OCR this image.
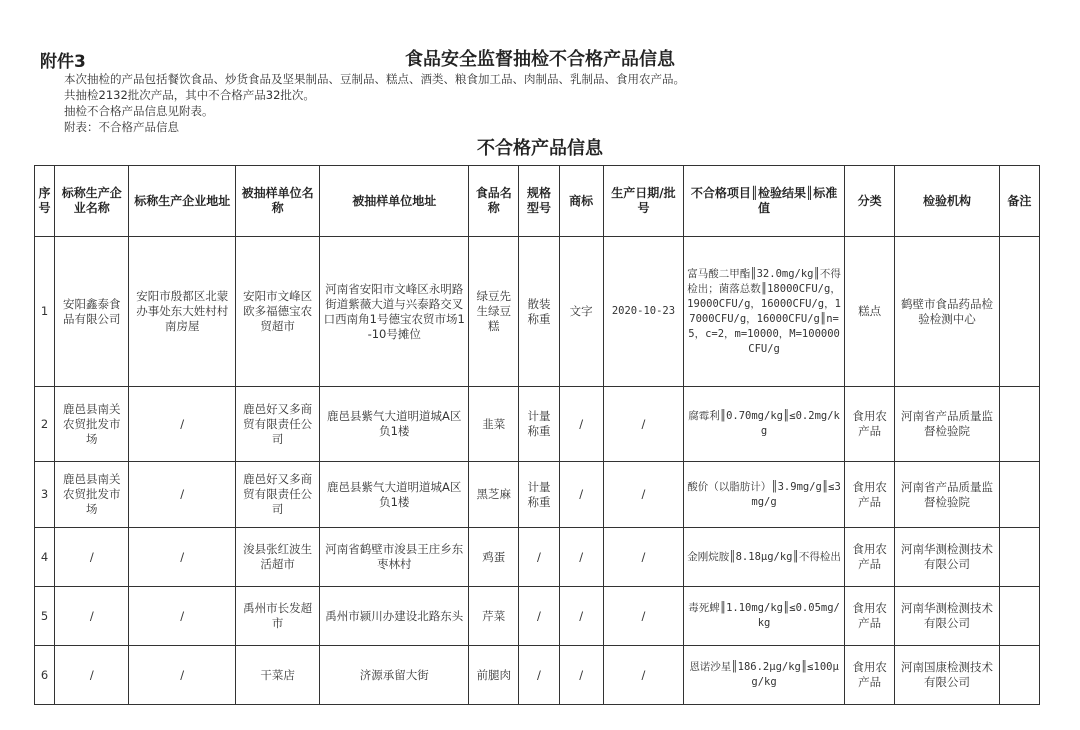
附件3	食品安全监督抽检不合格产品信息
本次抽检的产品包括餐饮食品、炒货食品及坚果制品、豆制品、糕点、酒类、粮食加工品、肉制品、乳制品、食用农产品。
共抽检2132批次产品，其中不合格产品32批次。
抽检不合格产品信息见附表。
附表：不合格产品信息
不合格产品信息
序号	标称生产企业名称	标称生产企业地址	被抽样单位名称	被抽样单位地址	食品名称	规格型号	商标	生产日期/批号	不合格项目║检验结果║标准值	分类	检验机构	备注
1	安阳鑫泰食品有限公司	安阳市殷都区北蒙办事处东大姓村村南房屋	安阳市文峰区欧多福德宝农贸超市	河南省安阳市文峰区永明路街道紫薇大道与兴泰路交叉口西南角1号德宝农贸市场1-10号摊位	绿豆先生绿豆糕	散装称重	文字	2020-10-23	富马酸二甲酯║32.0mg/kg║不得检出；菌落总数║18000CFU/g，19000CFU/g，16000CFU/g，17000CFU/g，16000CFU/g║n=5，c=2，m=10000，M=100000CFU/g	糕点	鹤壁市食品药品检验检测中心	
2	鹿邑县南关农贸批发市场	/	鹿邑好又多商贸有限责任公司	鹿邑县紫气大道明道城A区负1楼	韭菜	计量称重	/	/	腐霉利║0.70mg/kg║≤0.2mg/kg	食用农产品	河南省产品质量监督检验院	
3	鹿邑县南关农贸批发市场	/	鹿邑好又多商贸有限责任公司	鹿邑县紫气大道明道城A区负1楼	黑芝麻	计量称重	/	/	酸价（以脂肪计）║3.9mg/g║≤3mg/g	食用农产品	河南省产品质量监督检验院	
4	/	/	浚县张红波生活超市	河南省鹤壁市浚县王庄乡东枣林村	鸡蛋	/	/	/	金刚烷胺║8.18μg/kg║不得检出	食用农产品	河南华测检测技术有限公司	
5	/	/	禹州市长发超市	禹州市颍川办建设北路东头	芹菜	/	/	/	毒死蜱║1.10mg/kg║≤0.05mg/kg	食用农产品	河南华测检测技术有限公司	
6	/	/	干菜店	济源承留大街	前腿肉	/	/	/	恩诺沙星║186.2μg/kg║≤100μg/kg	食用农产品	河南国康检测技术有限公司	
